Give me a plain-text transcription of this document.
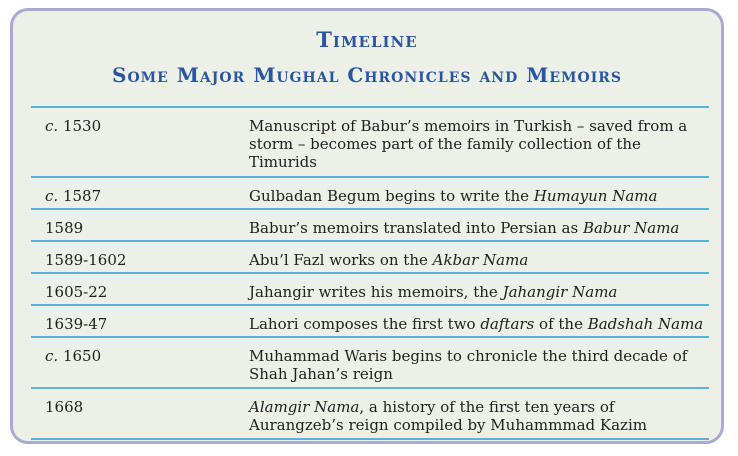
Timeline
Some Major Mughal Chronicles and Memoirs
c. 1530	Manuscript of Babur’s memoirs in Turkish – saved from a storm – becomes part of the family collection of the Timurids
c. 1587	Gulbadan Begum begins to write the Humayun Nama
1589	Babur’s memoirs translated into Persian as Babur Nama
1589-1602	Abu’l Fazl works on the Akbar Nama
1605-22	Jahangir writes his memoirs, the Jahangir Nama
1639-47	Lahori composes the first two daftars of the Badshah Nama
c. 1650	Muhammad Waris begins to chronicle the third decade of Shah Jahan’s reign
1668	Alamgir Nama, a history of the first ten years of Aurangzeb’s reign compiled by Muhammmad Kazim
